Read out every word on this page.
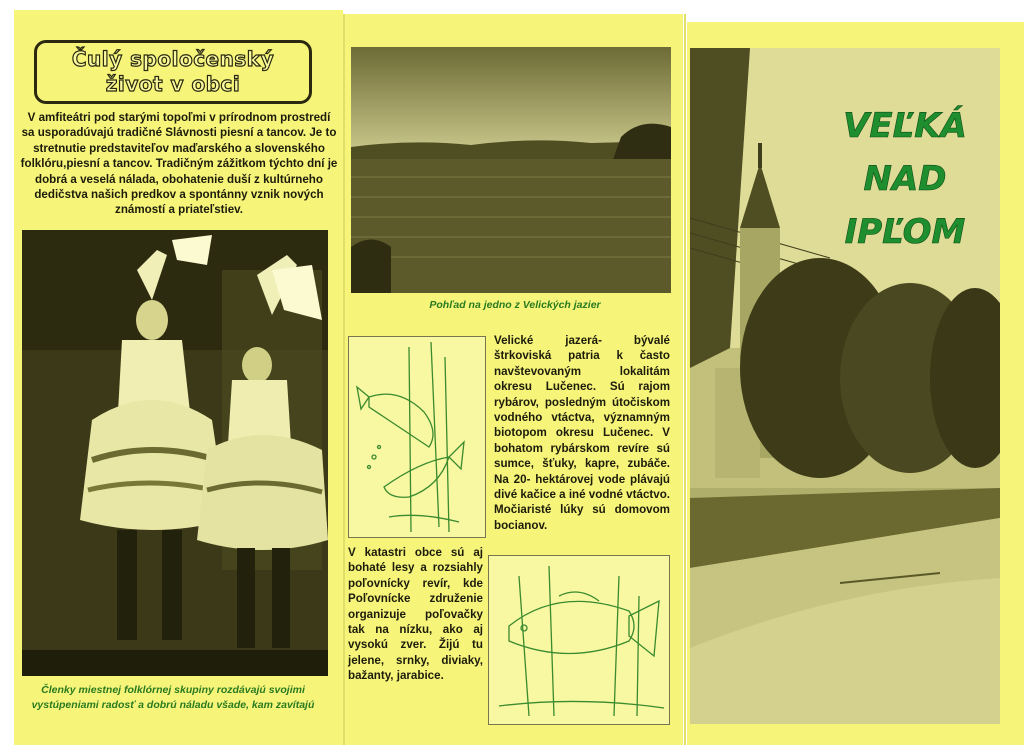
Čulý spoločenský
život v obci
V amfiteátri pod starými topoľmi v prírodnom prostredí sa usporadúvajú tradičné Slávnosti piesní a tancov. Je to stretnutie predstaviteľov maďarského a slovenského folklóru,piesní a tancov. Tradičným zážitkom týchto dní je dobrá a veselá nálada, obohatenie duší z kultúrneho dedičstva našich predkov a spontánny vznik nových známostí a priateľstiev.
Členky miestnej folklórnej skupiny rozdávajú svojimi vystúpeniami radosť a dobrú náladu všade, kam zavítajú
Pohľad na jedno z Velických jazier
Velické jazerá- bývalé štrkoviská patria k často navštevovaným lokalitám okresu Lučenec. Sú rajom rybárov, posledným útočiskom vodného vtáctva, významným biotopom okresu Lučenec. V bohatom rybárskom revíre sú sumce, šťuky, kapre, zubáče. Na 20- hektárovej vode plávajú divé kačice a iné vodné vtáctvo. Močiaristé lúky sú domovom bocianov.
V katastri obce sú aj bohaté lesy a rozsiahly poľovnícky revír, kde Poľovnícke združenie organizuje poľovačky tak na nízku, ako aj vysokú zver. Žijú tu jelene, srnky, diviaky, bažanty, jarabice.
VEĽKÁ
NAD
IPĽOM
